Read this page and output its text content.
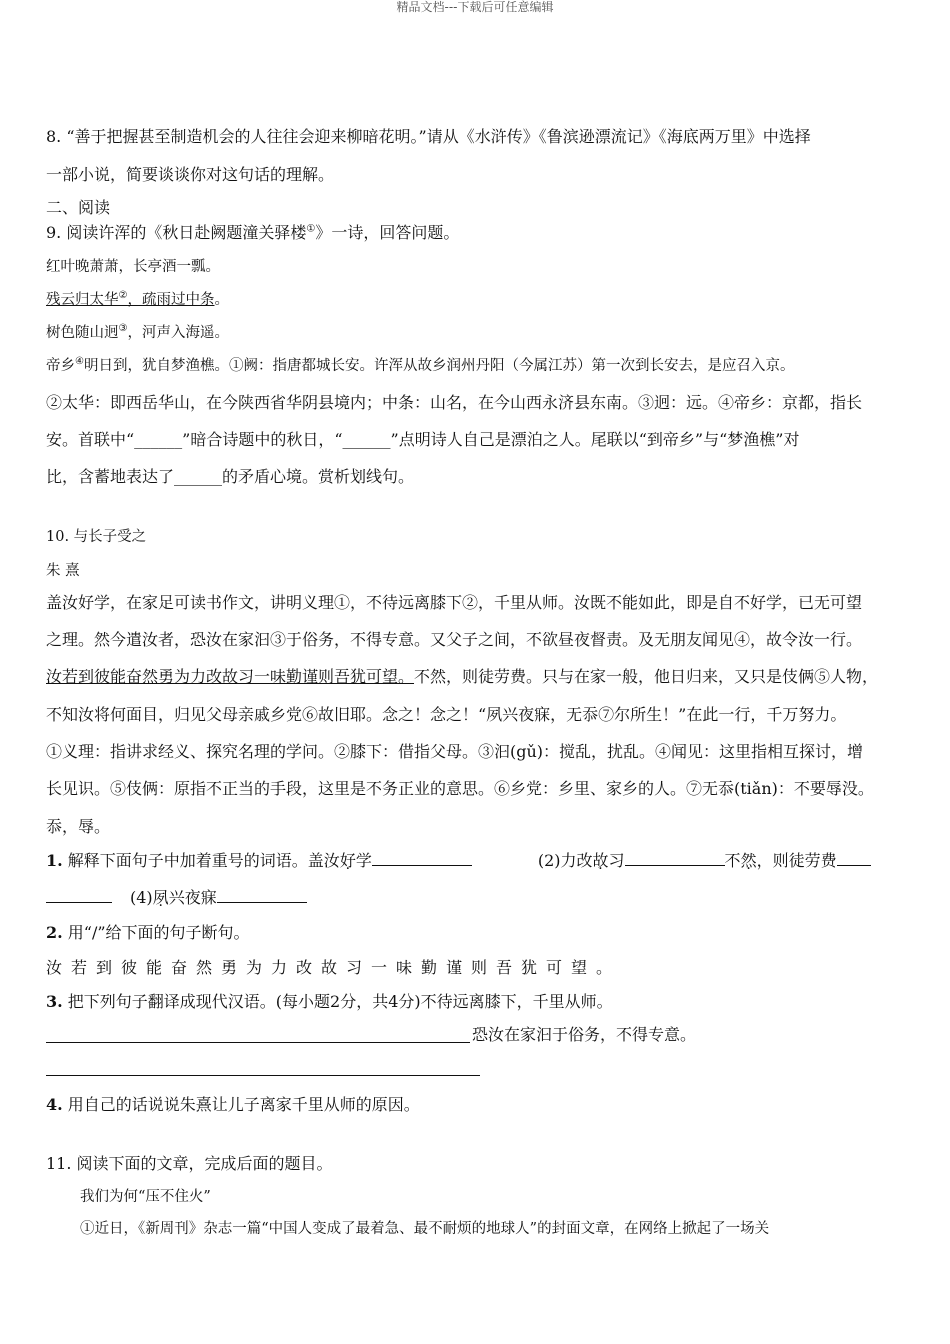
精品文档---下载后可任意编辑
8. “善于把握甚至制造机会的人往往会迎来柳暗花明。”请从《水浒传》《鲁滨逊漂流记》《海底两万里》中选择
一部小说，简要谈谈你对这句话的理解。
二、阅读
9. 阅读许浑的《秋日赴阙题潼关驿楼①》一诗，回答问题。
红叶晚萧萧，长亭酒一瓢。
残云归太华②，疏雨过中条。
树色随山迥③，河声入海遥。
帝乡④明日到，犹自梦渔樵。①阙：指唐都城长安。许浑从故乡润州丹阳（今属江苏）第一次到长安去，是应召入京。
②太华：即西岳华山，在今陕西省华阴县境内；中条：山名，在今山西永济县东南。③迥：远。④帝乡：京都，指长
安。首联中“______”暗合诗题中的秋日，“______”点明诗人自己是漂泊之人。尾联以“到帝乡”与“梦渔樵”对
比，含蓄地表达了______的矛盾心境。赏析划线句。
10. 与长子受之
朱 熹
盖汝好学，在家足可读书作文，讲明义理①，不待远离膝下②，千里从师。汝既不能如此，即是自不好学，已无可望
之理。然今遣汝者，恐汝在家汩③于俗务，不得专意。又父子之间，不欲昼夜督责。及无朋友闻见④，故令汝一行。
汝若到彼能奋然勇为力改故习一味勤谨则吾犹可望。不然，则徒劳费。只与在家一般，他日归来，又只是伎俩⑤人物，
不知汝将何面目，归见父母亲戚乡党⑥故旧耶。念之！念之！“夙兴夜寐，无忝⑦尔所生！”在此一行，千万努力。
①义理：指讲求经义、探究名理的学问。②膝下：借指父母。③汩(gǔ)：搅乱，扰乱。④闻见：这里指相互探讨，增
长见识。⑤伎俩：原指不正当的手段，这里是不务正业的意思。⑥乡党：乡里、家乡的人。⑦无忝(tiǎn)：不要辱没。
忝，辱。
1. 解释下面句子中加着重号的词语。盖汝好学	(2)力改故习	不然，则徒劳费
(4)夙兴夜寐
2. 用“/”给下面的句子断句。
汝若到彼能奋然勇为力改故习一味勤谨则吾犹可望。
3. 把下列句子翻译成现代汉语。(每小题2分，共4分)不待远离膝下，千里从师。
恐汝在家汩于俗务，不得专意。
4. 用自己的话说说朱熹让儿子离家千里从师的原因。
11. 阅读下面的文章，完成后面的题目。
我们为何“压不住火”
①近日，《新周刊》杂志一篇“中国人变成了最着急、最不耐烦的地球人”的封面文章，在网络上掀起了一场关
